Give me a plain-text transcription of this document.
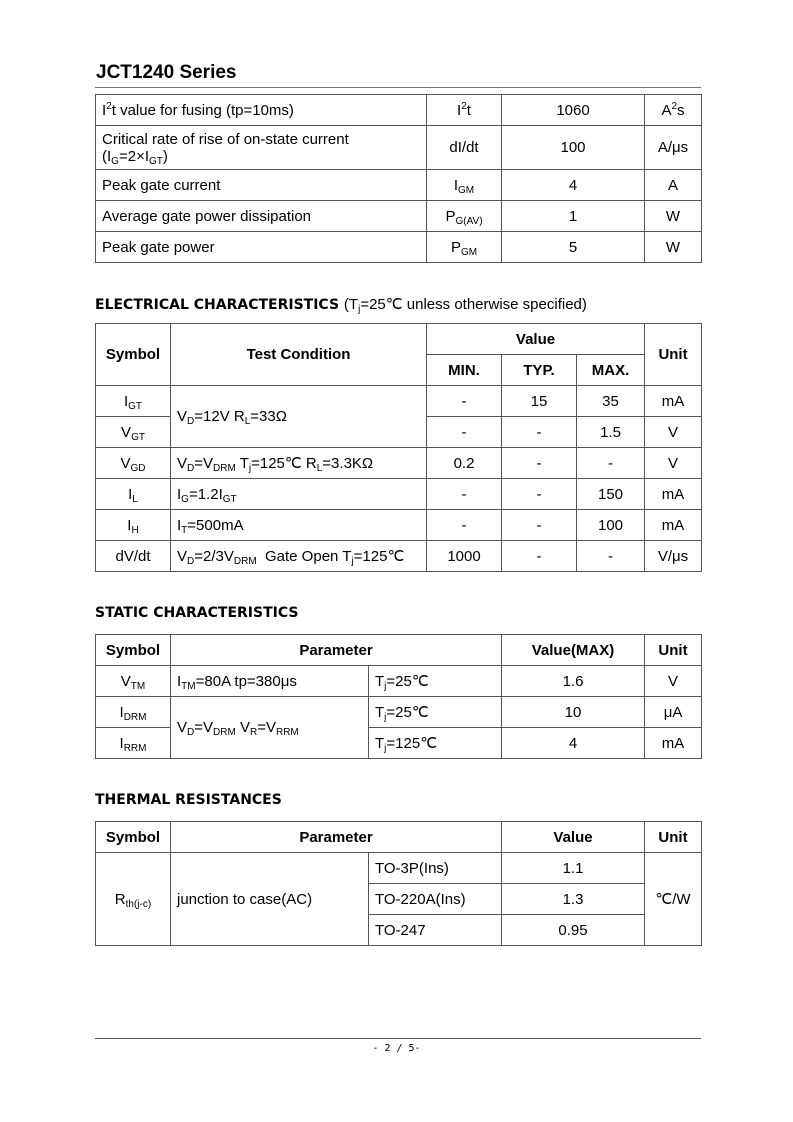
JCT1240 Series
$I^2t$ value for fusing (tp=10ms)	$I^2t$	1060	$A^2s$
Critical rate of rise of on-state current
$(I_G=2\times I_{GT})$	dI/dt	100	A/μs
Peak gate current	$I_{GM}$	4	A
Average gate power dissipation	$P_{G(AV)}$	1	W
Peak gate power	$P_{GM}$	5	W
ELECTRICAL CHARACTERISTICS ($T_j=25℃$ unless otherwise specified)
Symbol	Test Condition	Value			Unit
		MIN.	TYP.	MAX.	
$I_{GT}$	$V_D=12V$ $R_L=33\Omega$	-	15	35	mA
$V_{GT}$		-	-	1.5	V
$V_{GD}$	$V_D=V_{DRM}$ $T_j=125℃$ $R_L=3.3K\Omega$	0.2	-	-	V
$I_L$	$I_G=1.2I_{GT}$	-	-	150	mA
$I_H$	$I_T=500mA$	-	-	100	mA
dV/dt	$V_D=2/3V_{DRM}$  Gate Open $T_j=125℃$	1000	-	-	V/μs
STATIC CHARACTERISTICS
Symbol	Parameter		Value(MAX)	Unit
$V_{TM}$	$I_{TM}=80A$ tp=380μs	$T_j=25℃$	1.6	V
$I_{DRM}$	$V_D=V_{DRM}$ $V_R=V_{RRM}$	$T_j=25℃$	10	μA
$I_{RRM}$		$T_j=125℃$	4	mA
THERMAL RESISTANCES
Symbol	Parameter		Value	Unit
$R_{th(j-c)}$	junction to case(AC)	TO-3P(Ins)	1.1	℃/W
		TO-220A(Ins)	1.3	
		TO-247	0.95	
- 2 / 5-
